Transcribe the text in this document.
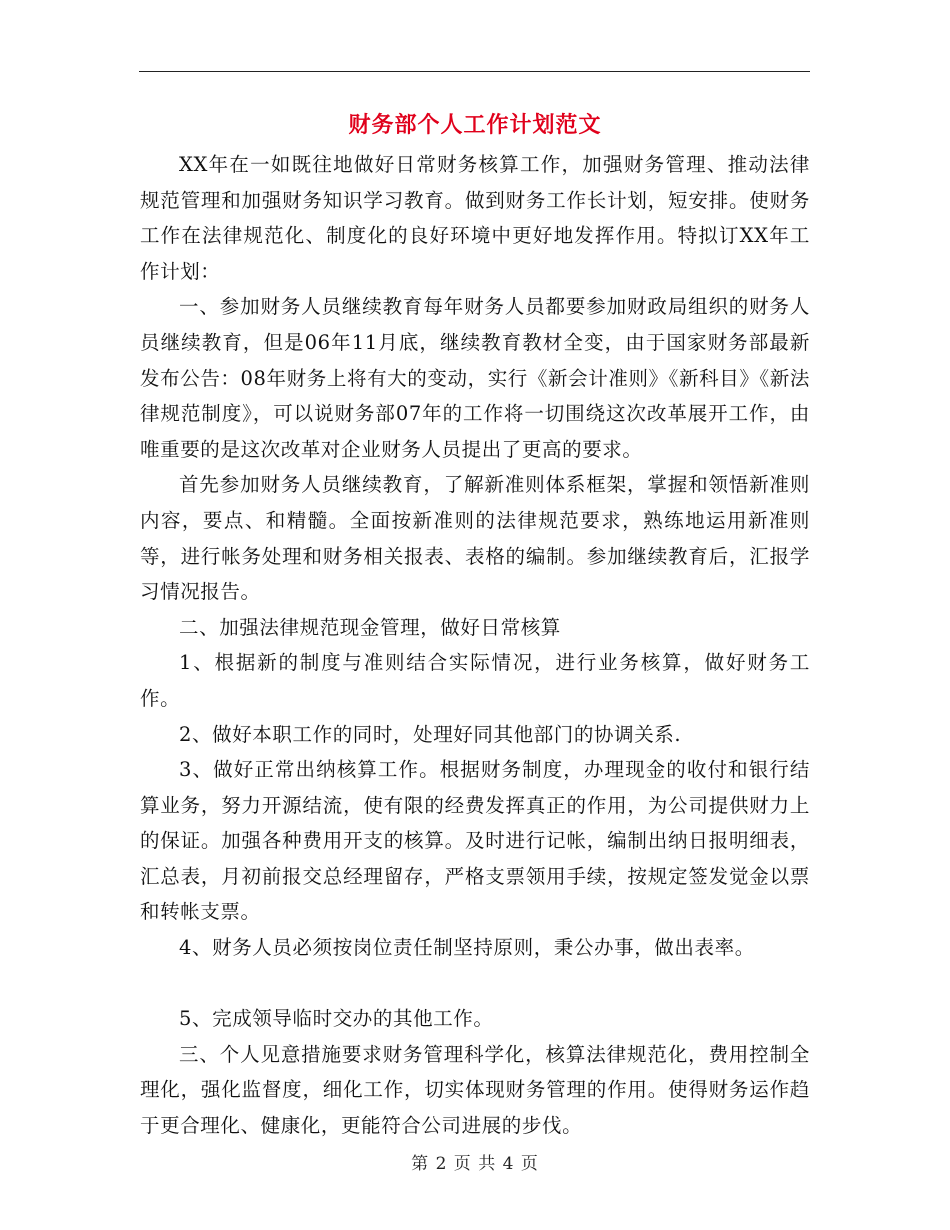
财务部个人工作计划范文

XX年在一如既往地做好日常财务核算工作，加强财务管理、推动法律规范管理和加强财务知识学习教育。做到财务工作长计划，短安排。使财务工作在法律规范化、制度化的良好环境中更好地发挥作用。特拟订XX年工作计划：

一、参加财务人员继续教育每年财务人员都要参加财政局组织的财务人员继续教育，但是06年11月底，继续教育教材全变，由于国家财务部最新发布公告：08年财务上将有大的变动，实行《新会计准则》《新科目》《新法律规范制度》，可以说财务部07年的工作将一切围绕这次改革展开工作，由唯重要的是这次改革对企业财务人员提出了更高的要求。

首先参加财务人员继续教育，了解新准则体系框架，掌握和领悟新准则内容，要点、和精髓。全面按新准则的法律规范要求，熟练地运用新准则等，进行帐务处理和财务相关报表、表格的编制。参加继续教育后，汇报学习情况报告。

二、加强法律规范现金管理，做好日常核算

1、根据新的制度与准则结合实际情况，进行业务核算，做好财务工作。

2、做好本职工作的同时，处理好同其他部门的协调关系.

3、做好正常出纳核算工作。根据财务制度，办理现金的收付和银行结算业务，努力开源结流，使有限的经费发挥真正的作用，为公司提供财力上的保证。加强各种费用开支的核算。及时进行记帐，编制出纳日报明细表，汇总表，月初前报交总经理留存，严格支票领用手续，按规定签发觉金以票和转帐支票。

4、财务人员必须按岗位责任制坚持原则，秉公办事，做出表率。

5、完成领导临时交办的其他工作。

三、个人见意措施要求财务管理科学化，核算法律规范化，费用控制全理化，强化监督度，细化工作，切实体现财务管理的作用。使得财务运作趋于更合理化、健康化，更能符合公司进展的步伐。

第 2 页 共 4 页
